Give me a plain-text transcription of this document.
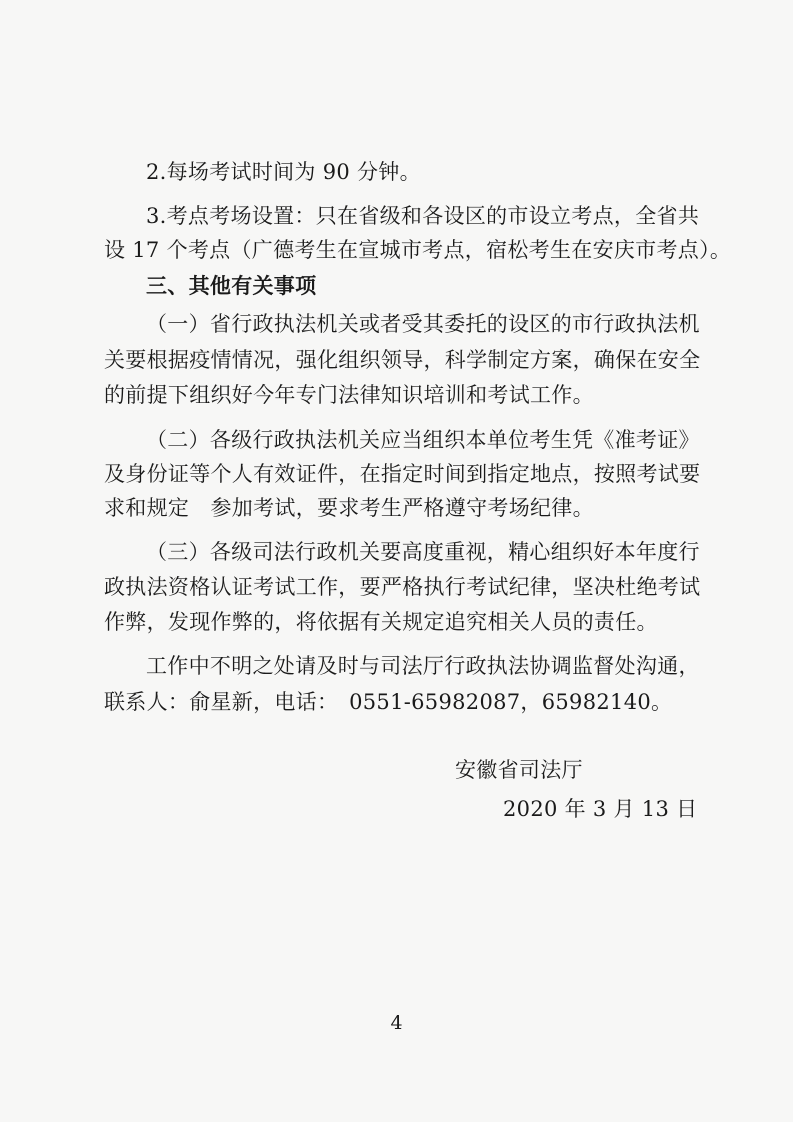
2.每场考试时间为 90 分钟。
3.考点考场设置：只在省级和各设区的市设立考点，全省共
设 17 个考点（广德考生在宣城市考点，宿松考生在安庆市考点）。
三、其他有关事项
（一）省行政执法机关或者受其委托的设区的市行政执法机
关要根据疫情情况，强化组织领导，科学制定方案，确保在安全
的前提下组织好今年专门法律知识培训和考试工作。
（二）各级行政执法机关应当组织本单位考生凭《准考证》
及身份证等个人有效证件，在指定时间到指定地点，按照考试要
求和规定　参加考试，要求考生严格遵守考场纪律。
（三）各级司法行政机关要高度重视，精心组织好本年度行
政执法资格认证考试工作，要严格执行考试纪律，坚决杜绝考试
作弊，发现作弊的，将依据有关规定追究相关人员的责任。
工作中不明之处请及时与司法厅行政执法协调监督处沟通，
联系人：俞星新，电话：　0551-65982087，65982140。
安徽省司法厅
2020 年 3 月 13 日
4
